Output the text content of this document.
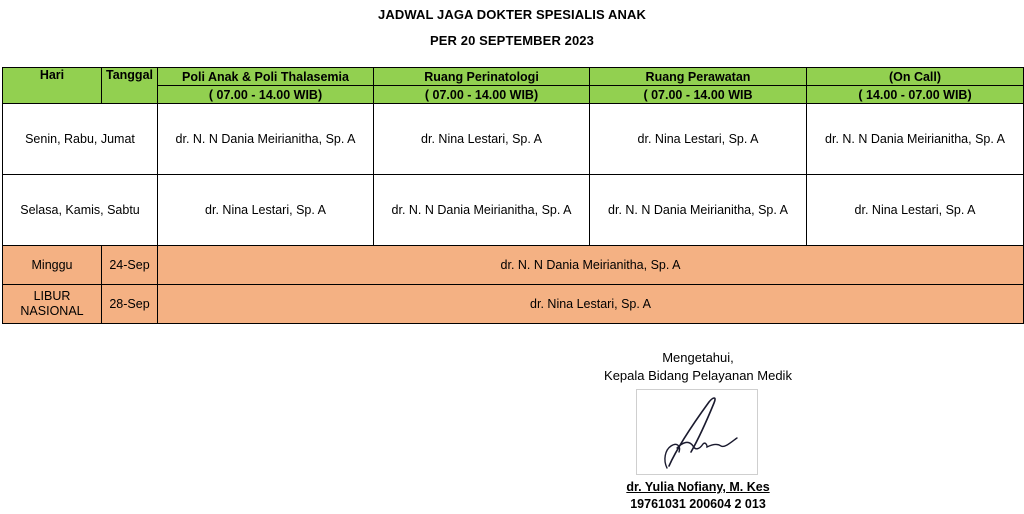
JADWAL JAGA DOKTER SPESIALIS ANAK
PER 20 SEPTEMBER 2023
Hari	Tanggal	Poli Anak & Poli Thalasemia	Ruang Perinatologi	Ruang Perawatan	(On Call)
		( 07.00 - 14.00 WIB)	( 07.00 - 14.00 WIB)	( 07.00 - 14.00 WIB	( 14.00 - 07.00 WIB)
Senin, Rabu, Jumat		dr. N. N Dania Meirianitha, Sp. A	dr. Nina Lestari, Sp. A	dr. Nina Lestari, Sp. A	dr. N. N Dania Meirianitha, Sp. A
Selasa, Kamis, Sabtu		dr. Nina Lestari, Sp. A	dr. N. N Dania Meirianitha, Sp. A	dr. N. N Dania Meirianitha, Sp. A	dr. Nina Lestari, Sp. A
Minggu	24-Sep	dr. N. N Dania Meirianitha, Sp. A			
LIBUR NASIONAL	28-Sep	dr. Nina Lestari, Sp. A			
Mengetahui,
Kepala Bidang Pelayanan Medik
dr. Yulia Nofiany, M. Kes
19761031 200604 2 013
